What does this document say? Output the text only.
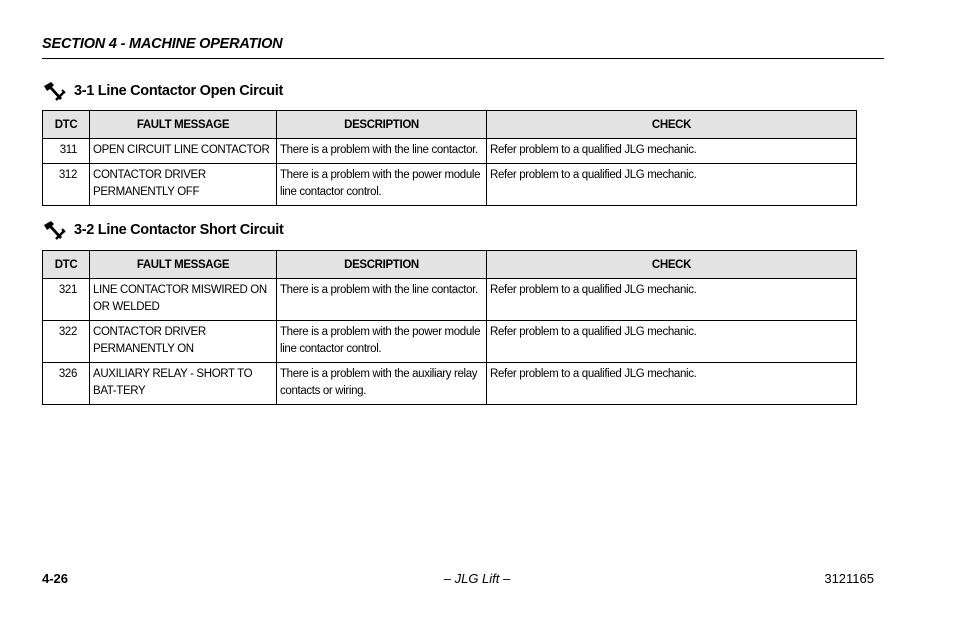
SECTION 4 - MACHINE OPERATION
3-1 Line Contactor Open Circuit
DTC	FAULT MESSAGE	DESCRIPTION	CHECK
311	OPEN CIRCUIT LINE CONTACTOR	There is a problem with the line contactor.	Refer problem to a qualified JLG mechanic.
312	CONTACTOR DRIVER PERMANENTLY OFF	There is a problem with the power module line contactor control.	Refer problem to a qualified JLG mechanic.
3-2 Line Contactor Short Circuit
DTC	FAULT MESSAGE	DESCRIPTION	CHECK
321	LINE CONTACTOR MISWIRED ON OR WELDED	There is a problem with the line contactor.	Refer problem to a qualified JLG mechanic.
322	CONTACTOR DRIVER PERMANENTLY ON	There is a problem with the power module line contactor control.	Refer problem to a qualified JLG mechanic.
326	AUXILIARY RELAY - SHORT TO BAT-TERY	There is a problem with the auxiliary relay contacts or wiring.	Refer problem to a qualified JLG mechanic.
4-26	– JLG Lift –	3121165
